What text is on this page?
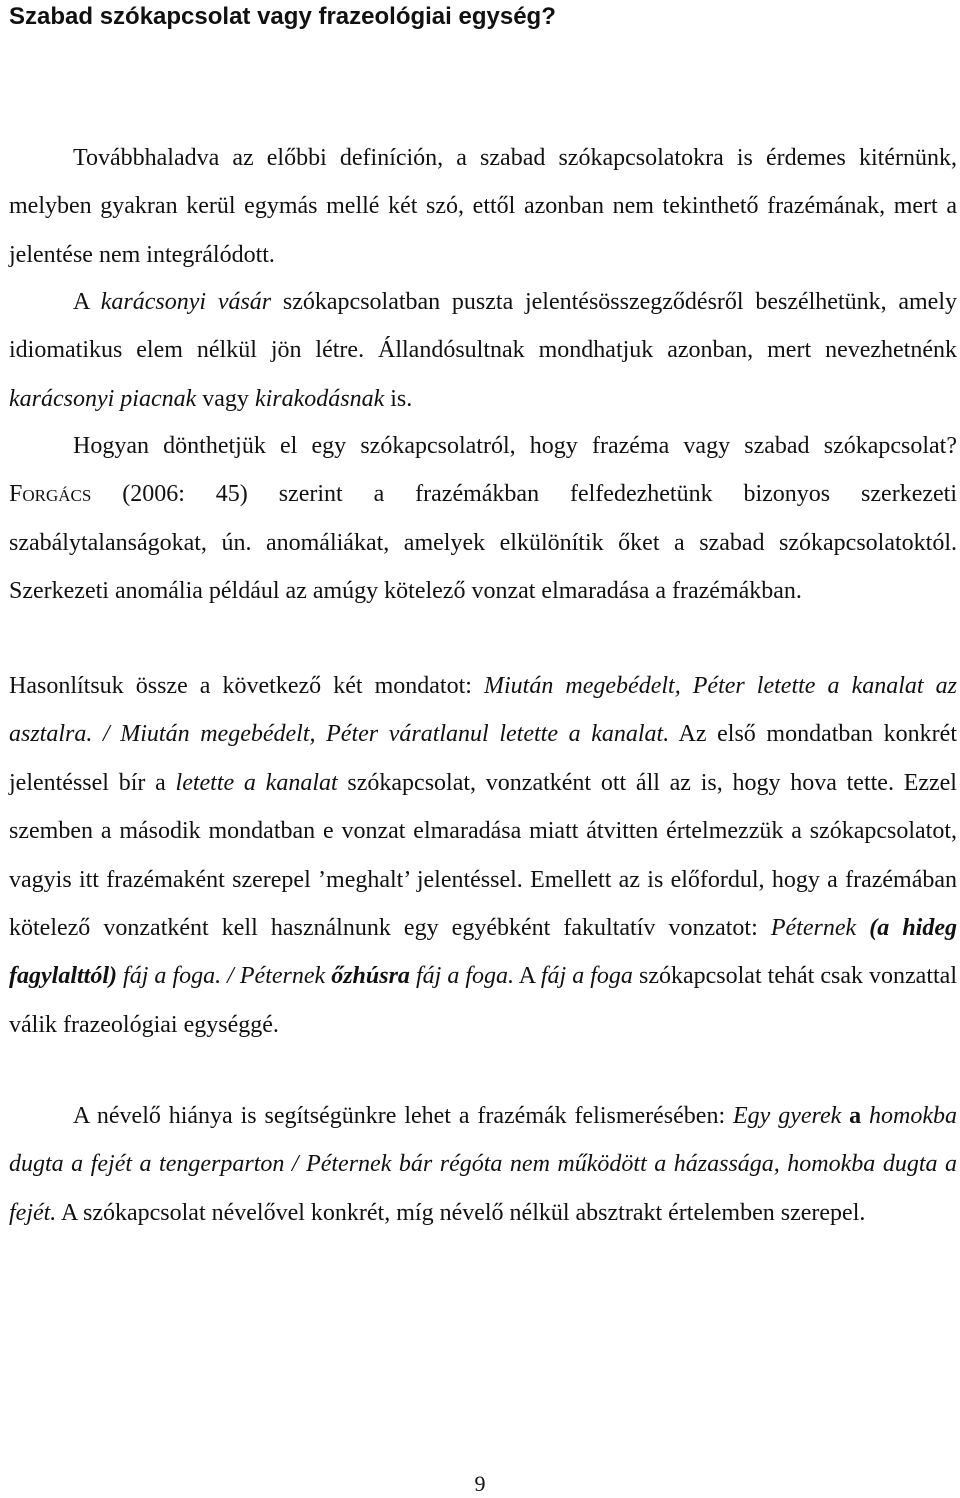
Szabad szókapcsolat vagy frazeológiai egység?

Továbbhaladva az előbbi definíción, a szabad szókapcsolatokra is érdemes kitérnünk, melyben gyakran kerül egymás mellé két szó, ettől azonban nem tekinthető frazémának, mert a jelentése nem integrálódott.

A karácsonyi vásár szókapcsolatban puszta jelentésösszegződésről beszélhetünk, amely idiomatikus elem nélkül jön létre. Állandósultnak mondhatjuk azonban, mert nevezhetnénk karácsonyi piacnak vagy kirakodásnak is.

Hogyan dönthetjük el egy szókapcsolatról, hogy frazéma vagy szabad szókapcsolat? Forgács (2006: 45) szerint a frazémákban felfedezhetünk bizonyos szerkezeti szabálytalanságokat, ún. anomáliákat, amelyek elkülönítik őket a szabad szókapcsolatoktól. Szerkezeti anomália például az amúgy kötelező vonzat elmaradása a frazémákban.

Hasonlítsuk össze a következő két mondatot: Miután megebédelt, Péter letette a kanalat az asztalra. / Miután megebédelt, Péter váratlanul letette a kanalat. Az első mondatban konkrét jelentéssel bír a letette a kanalat szókapcsolat, vonzatként ott áll az is, hogy hova tette. Ezzel szemben a második mondatban e vonzat elmaradása miatt átvitten értelmezzük a szókapcsolatot, vagyis itt frazémaként szerepel ’meghalt’ jelentéssel. Emellett az is előfordul, hogy a frazémában kötelező vonzatként kell használnunk egy egyébként fakultatív vonzatot: Péternek (a hideg fagylalttól) fáj a foga. / Péternek őzhúsra fáj a foga. A fáj a foga szókapcsolat tehát csak vonzattal válik frazeológiai egységgé.

A névelő hiánya is segítségünkre lehet a frazémák felismerésében: Egy gyerek a homokba dugta a fejét a tengerparton / Péternek bár régóta nem működött a házassága, homokba dugta a fejét. A szókapcsolat névelővel konkrét, míg névelő nélkül absztrakt értelemben szerepel.

9
